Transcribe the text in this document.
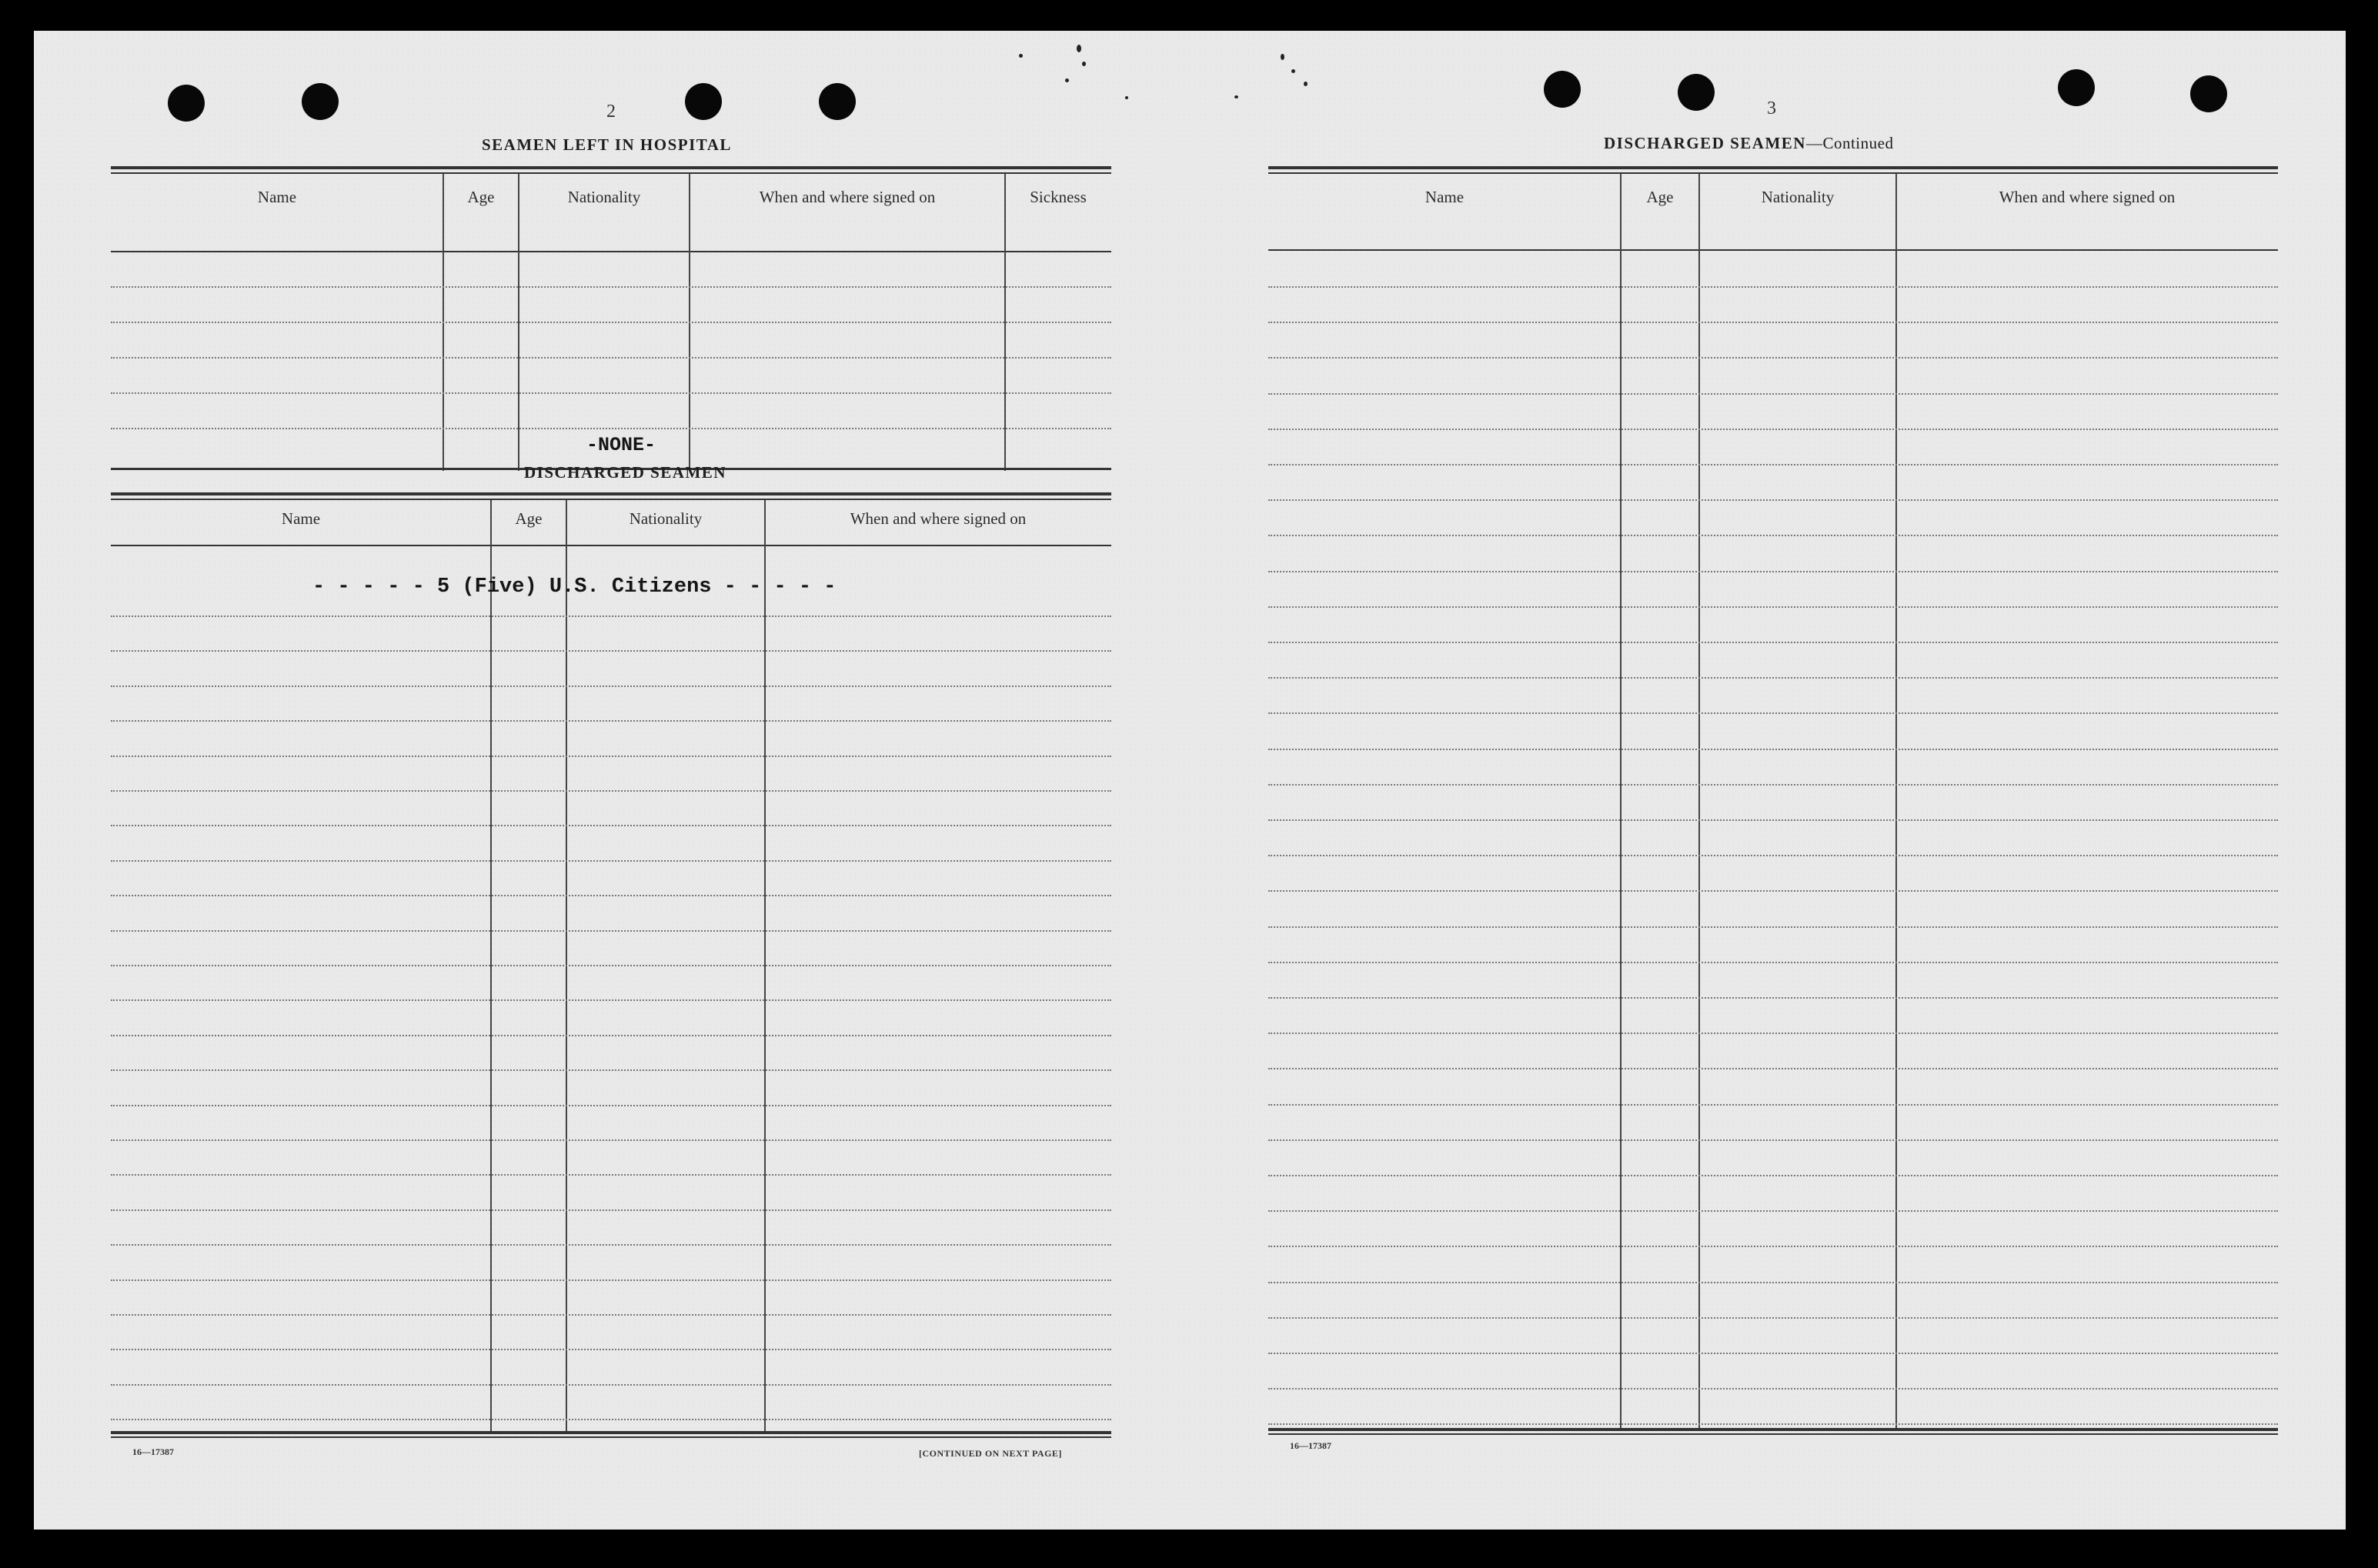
2
SEAMEN LEFT IN HOSPITAL
Name	Age	Nationality	When and where signed on	Sickness
-NONE-
DISCHARGED SEAMEN
Name	Age	Nationality	When and where signed on
- - - - - 5 (Five) U.S. Citizens - - - - -
16—17387	[CONTINUED ON NEXT PAGE]
3
DISCHARGED SEAMEN—Continued
Name	Age	Nationality	When and where signed on
16—17387
